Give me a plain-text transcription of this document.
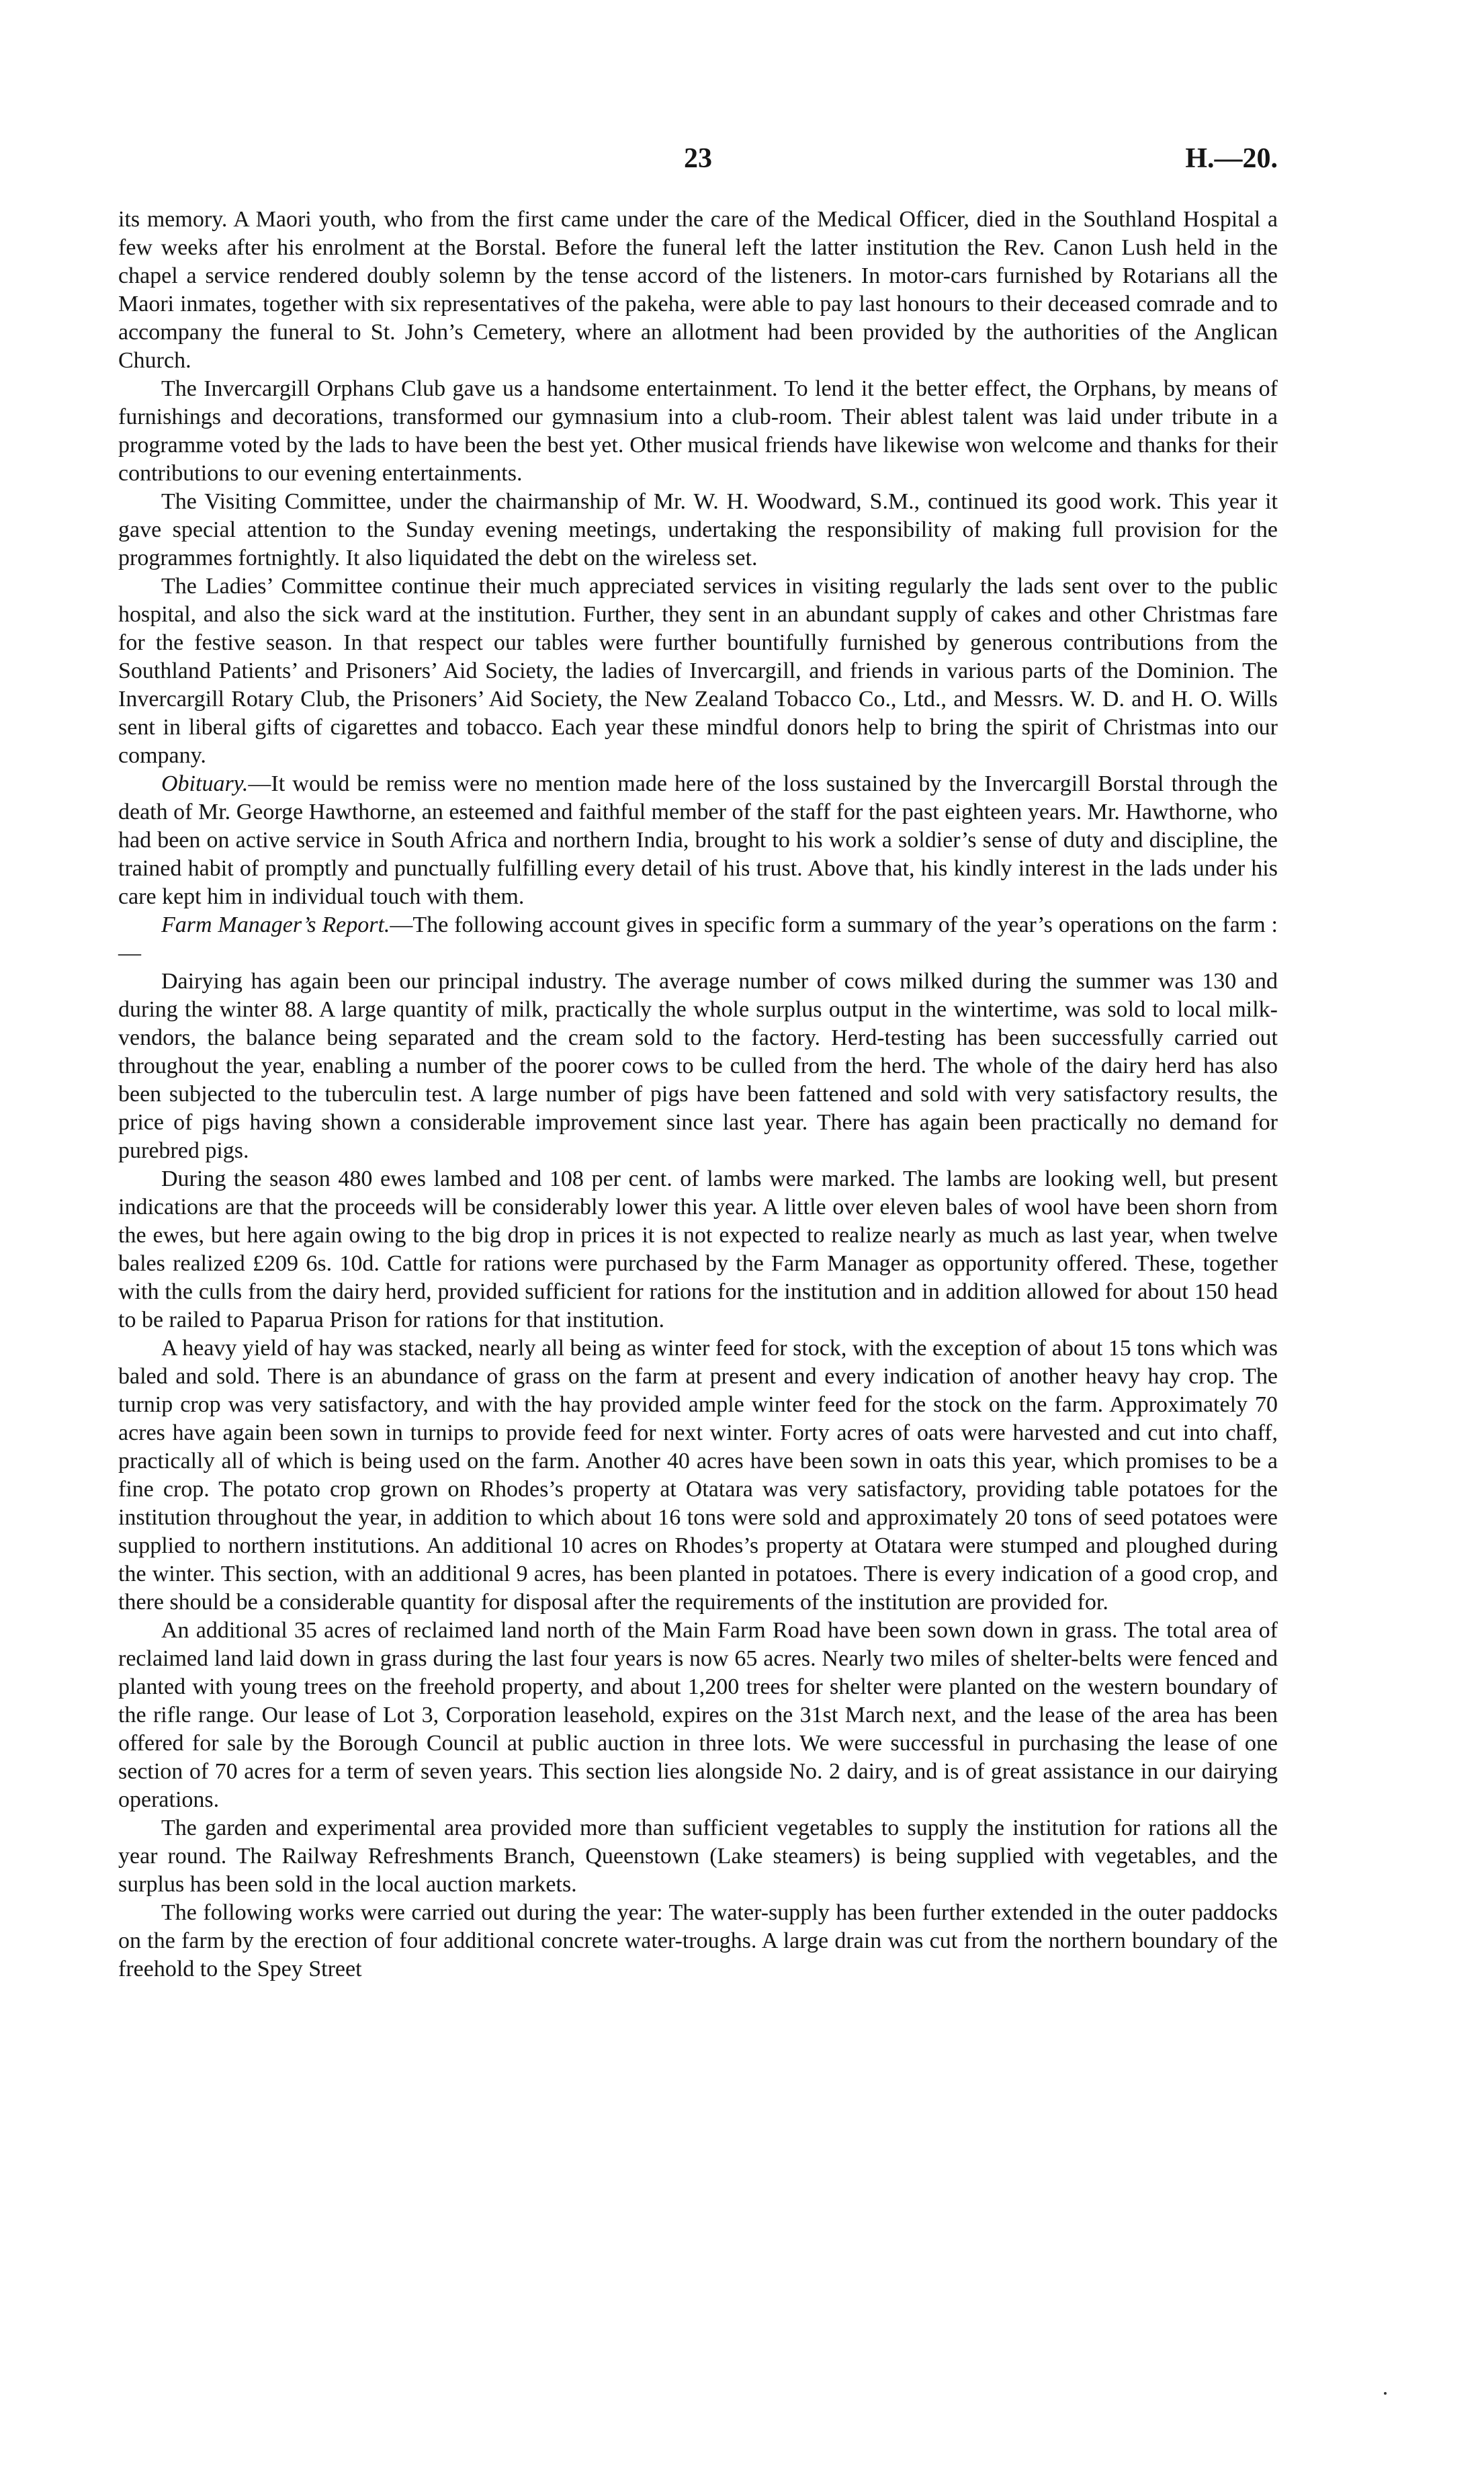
23	H.—20.

its memory. A Maori youth, who from the first came under the care of the Medical Officer, died in the Southland Hospital a few weeks after his enrolment at the Borstal. Before the funeral left the latter institution the Rev. Canon Lush held in the chapel a service rendered doubly solemn by the tense accord of the listeners. In motor-cars furnished by Rotarians all the Maori inmates, together with six representatives of the pakeha, were able to pay last honours to their deceased comrade and to accompany the funeral to St. John’s Cemetery, where an allotment had been provided by the authorities of the Anglican Church.

The Invercargill Orphans Club gave us a handsome entertainment. To lend it the better effect, the Orphans, by means of furnishings and decorations, transformed our gymnasium into a club-room. Their ablest talent was laid under tribute in a programme voted by the lads to have been the best yet. Other musical friends have likewise won welcome and thanks for their contributions to our evening entertainments.

The Visiting Committee, under the chairmanship of Mr. W. H. Woodward, S.M., continued its good work. This year it gave special attention to the Sunday evening meetings, undertaking the responsibility of making full provision for the programmes fortnightly. It also liquidated the debt on the wireless set.

The Ladies’ Committee continue their much appreciated services in visiting regularly the lads sent over to the public hospital, and also the sick ward at the institution. Further, they sent in an abundant supply of cakes and other Christmas fare for the festive season. In that respect our tables were further bountifully furnished by generous contributions from the Southland Patients’ and Prisoners’ Aid Society, the ladies of Invercargill, and friends in various parts of the Dominion. The Invercargill Rotary Club, the Prisoners’ Aid Society, the New Zealand Tobacco Co., Ltd., and Messrs. W. D. and H. O. Wills sent in liberal gifts of cigarettes and tobacco. Each year these mindful donors help to bring the spirit of Christmas into our company.

Obituary.—It would be remiss were no mention made here of the loss sustained by the Invercargill Borstal through the death of Mr. George Hawthorne, an esteemed and faithful member of the staff for the past eighteen years. Mr. Hawthorne, who had been on active service in South Africa and northern India, brought to his work a soldier’s sense of duty and discipline, the trained habit of promptly and punctually fulfilling every detail of his trust. Above that, his kindly interest in the lads under his care kept him in individual touch with them.

Farm Manager’s Report.—The following account gives in specific form a summary of the year’s operations on the farm :—

Dairying has again been our principal industry. The average number of cows milked during the summer was 130 and during the winter 88. A large quantity of milk, practically the whole surplus output in the wintertime, was sold to local milk-vendors, the balance being separated and the cream sold to the factory. Herd-testing has been successfully carried out throughout the year, enabling a number of the poorer cows to be culled from the herd. The whole of the dairy herd has also been subjected to the tuberculin test. A large number of pigs have been fattened and sold with very satisfactory results, the price of pigs having shown a considerable improvement since last year. There has again been practically no demand for purebred pigs.

During the season 480 ewes lambed and 108 per cent. of lambs were marked. The lambs are looking well, but present indications are that the proceeds will be considerably lower this year. A little over eleven bales of wool have been shorn from the ewes, but here again owing to the big drop in prices it is not expected to realize nearly as much as last year, when twelve bales realized £209 6s. 10d. Cattle for rations were purchased by the Farm Manager as opportunity offered. These, together with the culls from the dairy herd, provided sufficient for rations for the institution and in addition allowed for about 150 head to be railed to Paparua Prison for rations for that institution.

A heavy yield of hay was stacked, nearly all being as winter feed for stock, with the exception of about 15 tons which was baled and sold. There is an abundance of grass on the farm at present and every indication of another heavy hay crop. The turnip crop was very satisfactory, and with the hay provided ample winter feed for the stock on the farm. Approximately 70 acres have again been sown in turnips to provide feed for next winter. Forty acres of oats were harvested and cut into chaff, practically all of which is being used on the farm. Another 40 acres have been sown in oats this year, which promises to be a fine crop. The potato crop grown on Rhodes’s property at Otatara was very satisfactory, providing table potatoes for the institution throughout the year, in addition to which about 16 tons were sold and approximately 20 tons of seed potatoes were supplied to northern institutions. An additional 10 acres on Rhodes’s property at Otatara were stumped and ploughed during the winter. This section, with an additional 9 acres, has been planted in potatoes. There is every indication of a good crop, and there should be a considerable quantity for disposal after the requirements of the institution are provided for.

An additional 35 acres of reclaimed land north of the Main Farm Road have been sown down in grass. The total area of reclaimed land laid down in grass during the last four years is now 65 acres. Nearly two miles of shelter-belts were fenced and planted with young trees on the freehold property, and about 1,200 trees for shelter were planted on the western boundary of the rifle range. Our lease of Lot 3, Corporation leasehold, expires on the 31st March next, and the lease of the area has been offered for sale by the Borough Council at public auction in three lots. We were successful in purchasing the lease of one section of 70 acres for a term of seven years. This section lies alongside No. 2 dairy, and is of great assistance in our dairying operations.

The garden and experimental area provided more than sufficient vegetables to supply the institution for rations all the year round. The Railway Refreshments Branch, Queenstown (Lake steamers) is being supplied with vegetables, and the surplus has been sold in the local auction markets.

The following works were carried out during the year: The water-supply has been further extended in the outer paddocks on the farm by the erection of four additional concrete water-troughs. A large drain was cut from the northern boundary of the freehold to the Spey Street
